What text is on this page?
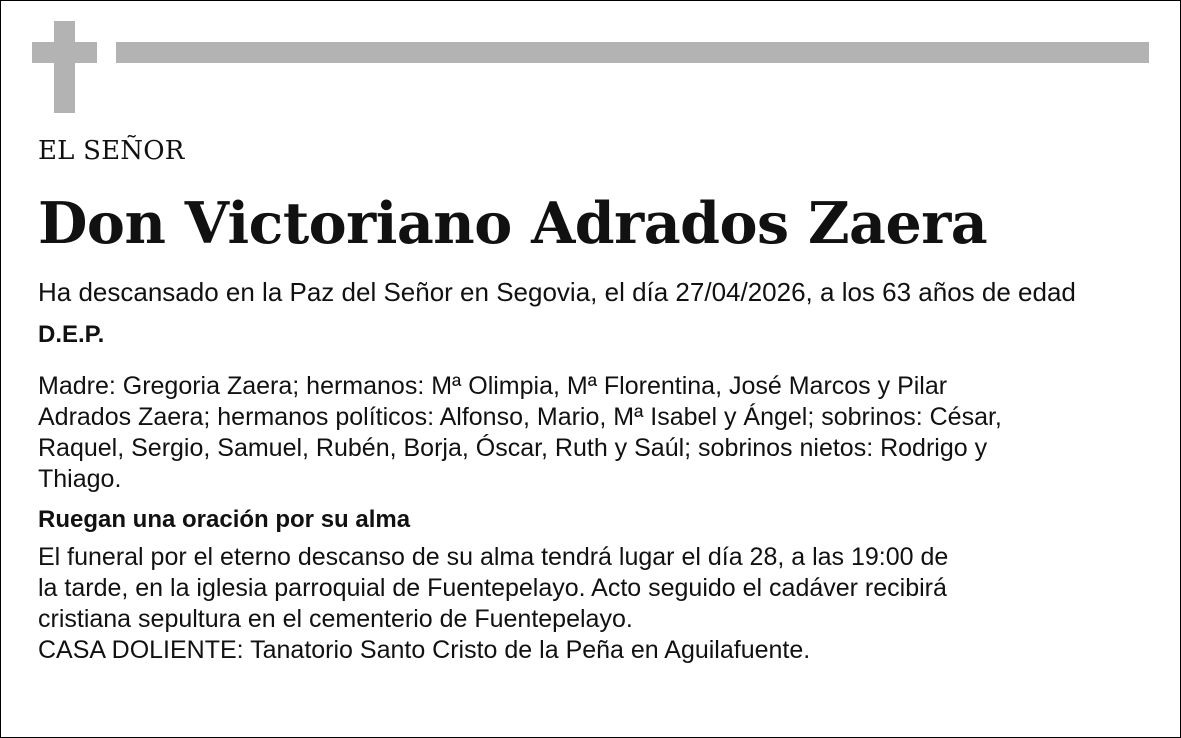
EL SEÑOR

Don Victoriano Adrados Zaera

Ha descansado en la Paz del Señor en Segovia, el día 27/04/2026, a los 63 años de edad

D.E.P.

Madre: Gregoria Zaera; hermanos: Mª Olimpia, Mª Florentina, José Marcos y Pilar
Adrados Zaera; hermanos políticos: Alfonso, Mario, Mª Isabel y Ángel; sobrinos: César,
Raquel, Sergio, Samuel, Rubén, Borja, Óscar, Ruth y Saúl; sobrinos nietos: Rodrigo y
Thiago.

Ruegan una oración por su alma

El funeral por el eterno descanso de su alma tendrá lugar el día 28, a las 19:00 de
la tarde, en la iglesia parroquial de Fuentepelayo. Acto seguido el cadáver recibirá
cristiana sepultura en el cementerio de Fuentepelayo.
CASA DOLIENTE: Tanatorio Santo Cristo de la Peña en Aguilafuente.
